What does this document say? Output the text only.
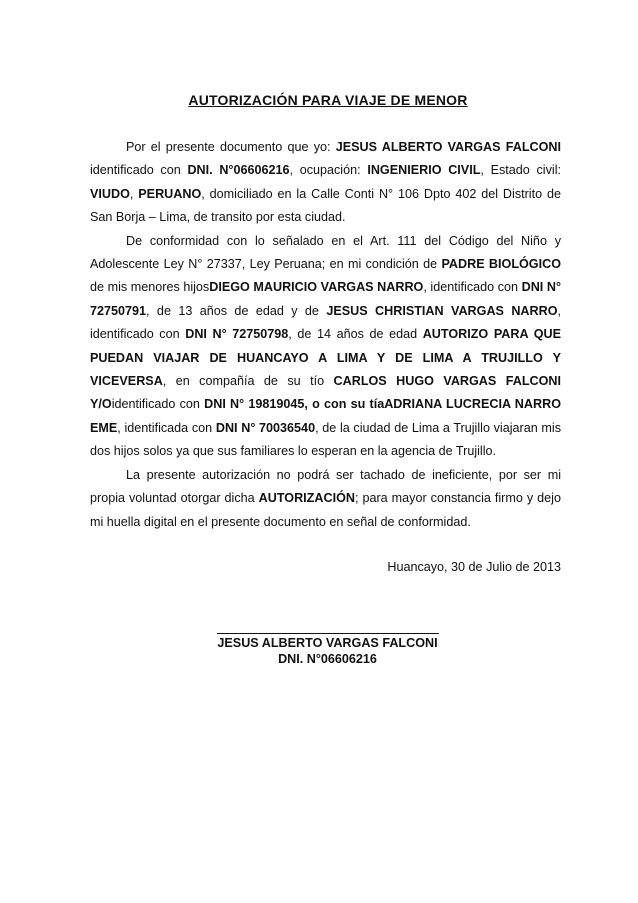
AUTORIZACIÓN PARA VIAJE DE MENOR

Por el presente documento que yo: JESUS ALBERTO VARGAS FALCONI identificado con DNI. N°06606216, ocupación: INGENIERIO CIVIL, Estado civil: VIUDO, PERUANO, domiciliado en la Calle Conti N° 106 Dpto 402 del Distrito de San Borja – Lima, de transito por esta ciudad.

De conformidad con lo señalado en el Art. 111 del Código del Niño y Adolescente Ley N° 27337, Ley Peruana; en mi condición de PADRE BIOLÓGICO de mis menores hijosDIEGO MAURICIO VARGAS NARRO, identificado con DNI N° 72750791, de 13 años de edad y de JESUS CHRISTIAN VARGAS NARRO, identificado con DNI N° 72750798, de 14 años de edad AUTORIZO PARA QUE PUEDAN VIAJAR DE HUANCAYO A LIMA Y DE LIMA A TRUJILLO Y VICEVERSA, en compañía de su tío CARLOS HUGO VARGAS FALCONI Y/Oidentificado con DNI N° 19819045, o con su tíaADRIANA LUCRECIA NARRO EME, identificada con DNI N° 70036540, de la ciudad de Lima a Trujillo viajaran mis dos hijos solos ya que sus familiares lo esperan en la agencia de Trujillo.

La presente autorización no podrá ser tachado de ineficiente, por ser mi propia voluntad otorgar dicha AUTORIZACIÓN; para mayor constancia firmo y dejo mi huella digital en el presente documento en señal de conformidad.

Huancayo, 30 de Julio de 2013
JESUS ALBERTO VARGAS FALCONI
DNI. N°06606216
